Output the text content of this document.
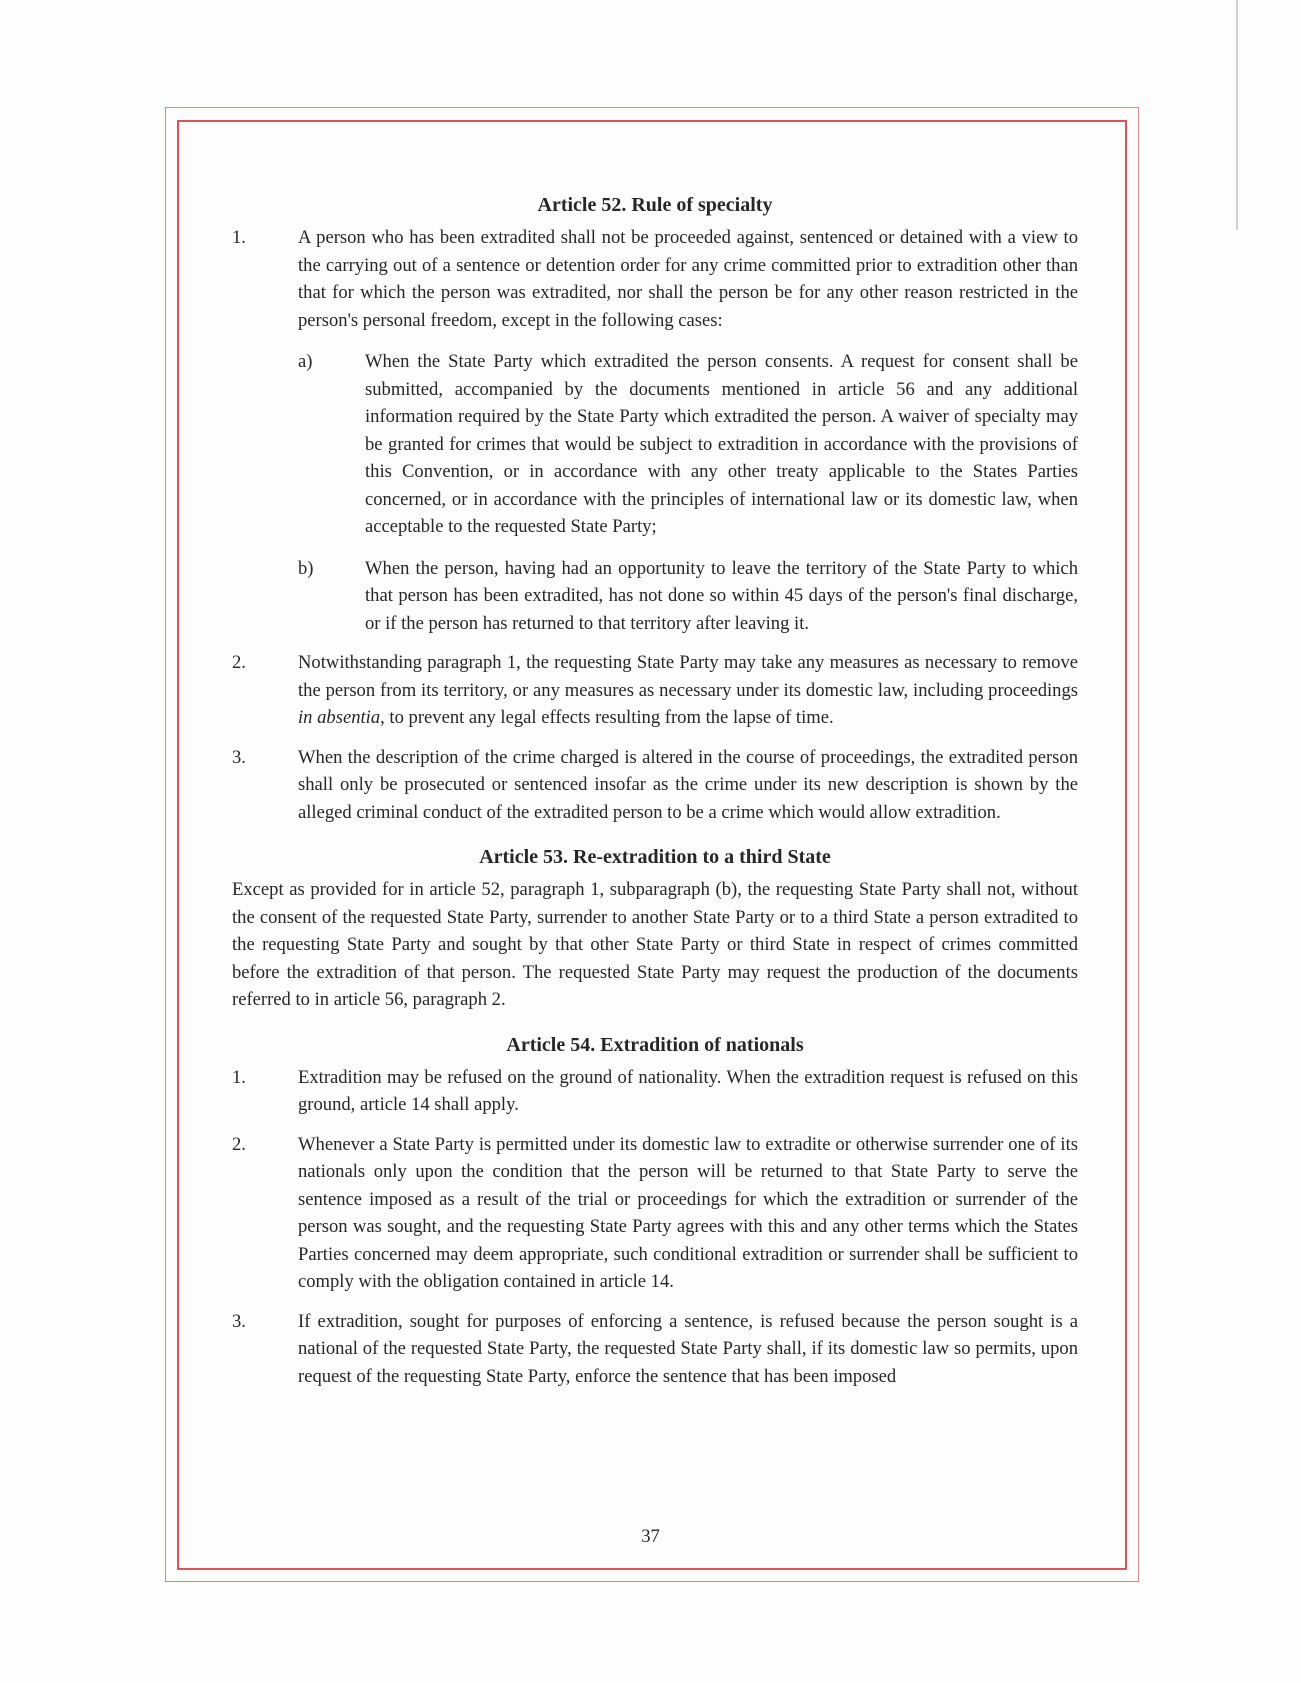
Article 52. Rule of specialty
1.	A person who has been extradited shall not be proceeded against, sentenced or detained with a view to the carrying out of a sentence or detention order for any crime committed prior to extradition other than that for which the person was extradited, nor shall the person be for any other reason restricted in the person's personal freedom, except in the following cases:
a)	When the State Party which extradited the person consents. A request for consent shall be submitted, accompanied by the documents mentioned in article 56 and any additional information required by the State Party which extradited the person. A waiver of specialty may be granted for crimes that would be subject to extradition in accordance with the provisions of this Convention, or in accordance with any other treaty applicable to the States Parties concerned, or in accordance with the principles of international law or its domestic law, when acceptable to the requested State Party;
b)	When the person, having had an opportunity to leave the territory of the State Party to which that person has been extradited, has not done so within 45 days of the person's final discharge, or if the person has returned to that territory after leaving it.
2.	Notwithstanding paragraph 1, the requesting State Party may take any measures as necessary to remove the person from its territory, or any measures as necessary under its domestic law, including proceedings in absentia, to prevent any legal effects resulting from the lapse of time.
3.	When the description of the crime charged is altered in the course of proceedings, the extradited person shall only be prosecuted or sentenced insofar as the crime under its new description is shown by the alleged criminal conduct of the extradited person to be a crime which would allow extradition.
Article 53. Re-extradition to a third State
Except as provided for in article 52, paragraph 1, subparagraph (b), the requesting State Party shall not, without the consent of the requested State Party, surrender to another State Party or to a third State a person extradited to the requesting State Party and sought by that other State Party or third State in respect of crimes committed before the extradition of that person. The requested State Party may request the production of the documents referred to in article 56, paragraph 2.
Article 54. Extradition of nationals
1.	Extradition may be refused on the ground of nationality. When the extradition request is refused on this ground, article 14 shall apply.
2.	Whenever a State Party is permitted under its domestic law to extradite or otherwise surrender one of its nationals only upon the condition that the person will be returned to that State Party to serve the sentence imposed as a result of the trial or proceedings for which the extradition or surrender of the person was sought, and the requesting State Party agrees with this and any other terms which the States Parties concerned may deem appropriate, such conditional extradition or surrender shall be sufficient to comply with the obligation contained in article 14.
3.	If extradition, sought for purposes of enforcing a sentence, is refused because the person sought is a national of the requested State Party, the requested State Party shall, if its domestic law so permits, upon request of the requesting State Party, enforce the sentence that has been imposed
37
